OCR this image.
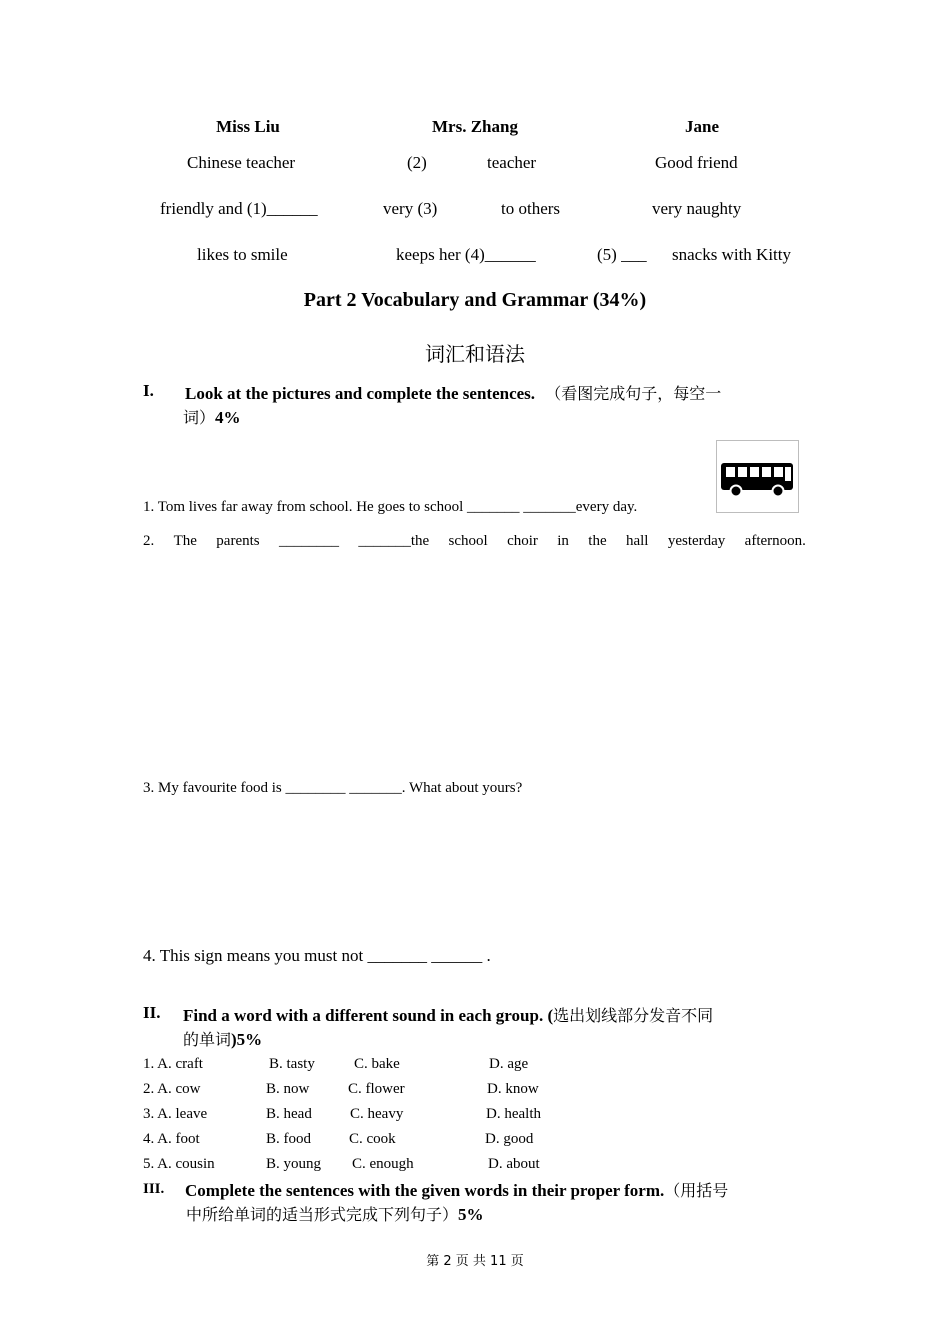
Miss Liu	Mrs. Zhang	Jane
Chinese teacher	(2)	teacher	Good friend
friendly and (1)______	very (3)	to others	very naughty
likes to smile	keeps her (4)______	(5) ___ snacks with Kitty
Part 2 Vocabulary and Grammar (34%)
词汇和语法
I. Look at the pictures and complete the sentences. （看图完成句子，每空一
词）4%
1. Tom lives far away from school. He goes to school _______ _______every day.
2. The parents ________ _______the school choir in the hall yesterday afternoon.
3. My favourite food is ________ _______. What about yours?
4. This sign means you must not _______ ______ .
II. Find a word with a different sound in each group. (选出划线部分发音不同
的单词)5%
1. A. craft	B. tasty	C. bake	D. age
2. A. cow	B. now	C. flower	D. know
3. A. leave	B. head	C. heavy	D. health
4. A. foot	B. food	C. cook	D. good
5. A. cousin	B. young C. enough	D. about
III. Complete the sentences with the given words in their proper form.（用括号
中所给单词的适当形式完成下列句子）5%
第 2 页 共 11 页
